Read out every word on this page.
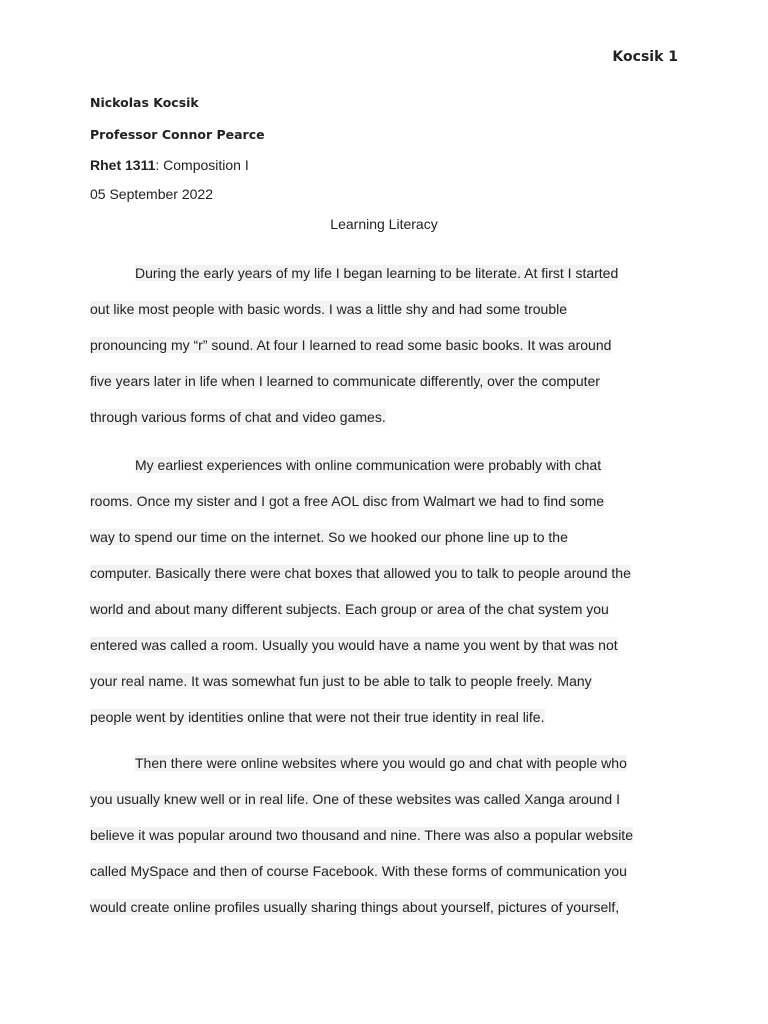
Kocsik 1
Nickolas Kocsik
Professor Connor Pearce
Rhet 1311: Composition I
05 September 2022
Learning Literacy
During the early years of my life I began learning to be literate. At first I started
out like most people with basic words. I was a little shy and had some trouble
pronouncing my “r” sound. At four I learned to read some basic books. It was around
five years later in life when I learned to communicate differently, over the computer
through various forms of chat and video games.
My earliest experiences with online communication were probably with chat
rooms. Once my sister and I got a free AOL disc from Walmart we had to find some
way to spend our time on the internet. So we hooked our phone line up to the
computer. Basically there were chat boxes that allowed you to talk to people around the
world and about many different subjects. Each group or area of the chat system you
entered was called a room. Usually you would have a name you went by that was not
your real name. It was somewhat fun just to be able to talk to people freely. Many
people went by identities online that were not their true identity in real life.
Then there were online websites where you would go and chat with people who
you usually knew well or in real life. One of these websites was called Xanga around I
believe it was popular around two thousand and nine. There was also a popular website
called MySpace and then of course Facebook. With these forms of communication you
would create online profiles usually sharing things about yourself, pictures of yourself,
